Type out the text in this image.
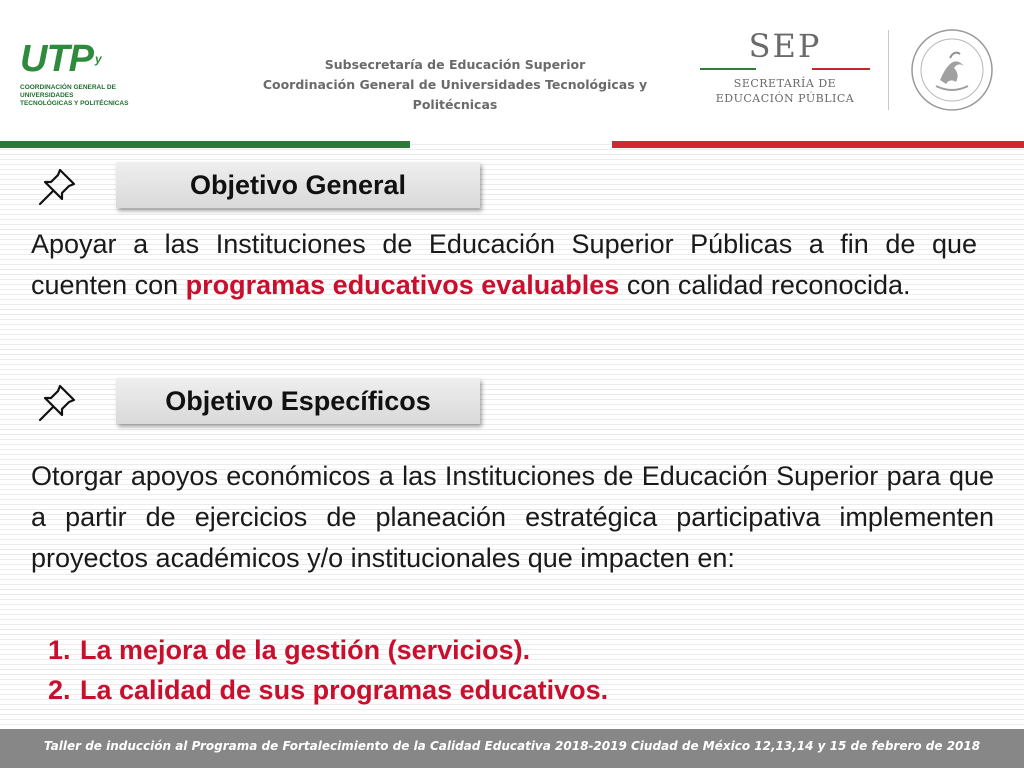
UTP $^y$
COORDINACIÓN GENERAL DE UNIVERSIDADES
TECNOLÓGICAS Y POLITÉCNICAS
Subsecretaría de Educación Superior
Coordinación General de Universidades Tecnológicas y Politécnicas
SEP
SECRETARÍA DE
EDUCACIÓN PÚBLICA
Objetivo General
Apoyar a las Instituciones de Educación Superior Públicas a fin de que cuenten con programas educativos evaluables con calidad reconocida.
Objetivo Específicos
Otorgar apoyos económicos a las Instituciones de Educación Superior para que a partir de ejercicios de planeación estratégica participativa implementen proyectos académicos y/o institucionales que impacten en:
1. La mejora de la gestión (servicios).
2. La calidad de sus programas educativos.
Taller de inducción al Programa de Fortalecimiento de la Calidad Educativa 2018-2019 Ciudad de México 12,13,14 y 15 de febrero de 2018
